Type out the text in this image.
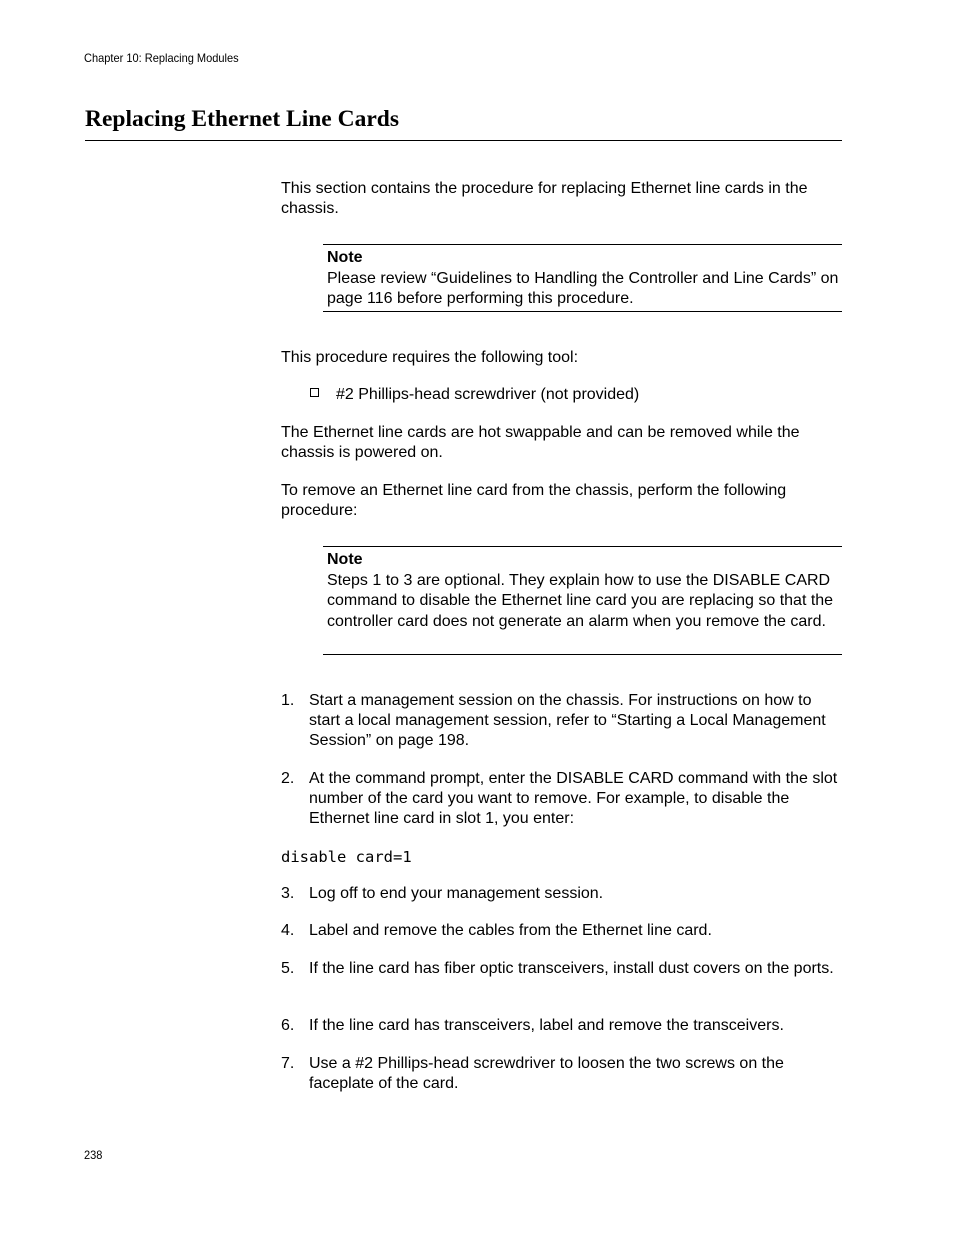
Chapter 10: Replacing Modules
Replacing Ethernet Line Cards

This section contains the procedure for replacing Ethernet line cards in the chassis.

Note
Please review “Guidelines to Handling the Controller and Line Cards” on page 116 before performing this procedure.

This procedure requires the following tool:

#2 Phillips-head screwdriver (not provided)

The Ethernet line cards are hot swappable and can be removed while the chassis is powered on.

To remove an Ethernet line card from the chassis, perform the following procedure:

Note
Steps 1 to 3 are optional. They explain how to use the DISABLE CARD command to disable the Ethernet line card you are replacing so that the controller card does not generate an alarm when you remove the card.
1. Start a management session on the chassis. For instructions on how to start a local management session, refer to “Starting a Local Management Session” on page 198.
2. At the command prompt, enter the DISABLE CARD command with the slot number of the card you want to remove. For example, to disable the Ethernet line card in slot 1, you enter:
disable card=1
3. Log off to end your management session.
4. Label and remove the cables from the Ethernet line card.
5. If the line card has fiber optic transceivers, install dust covers on the ports.
6. If the line card has transceivers, label and remove the transceivers.
7. Use a #2 Phillips-head screwdriver to loosen the two screws on the faceplate of the card.
238
